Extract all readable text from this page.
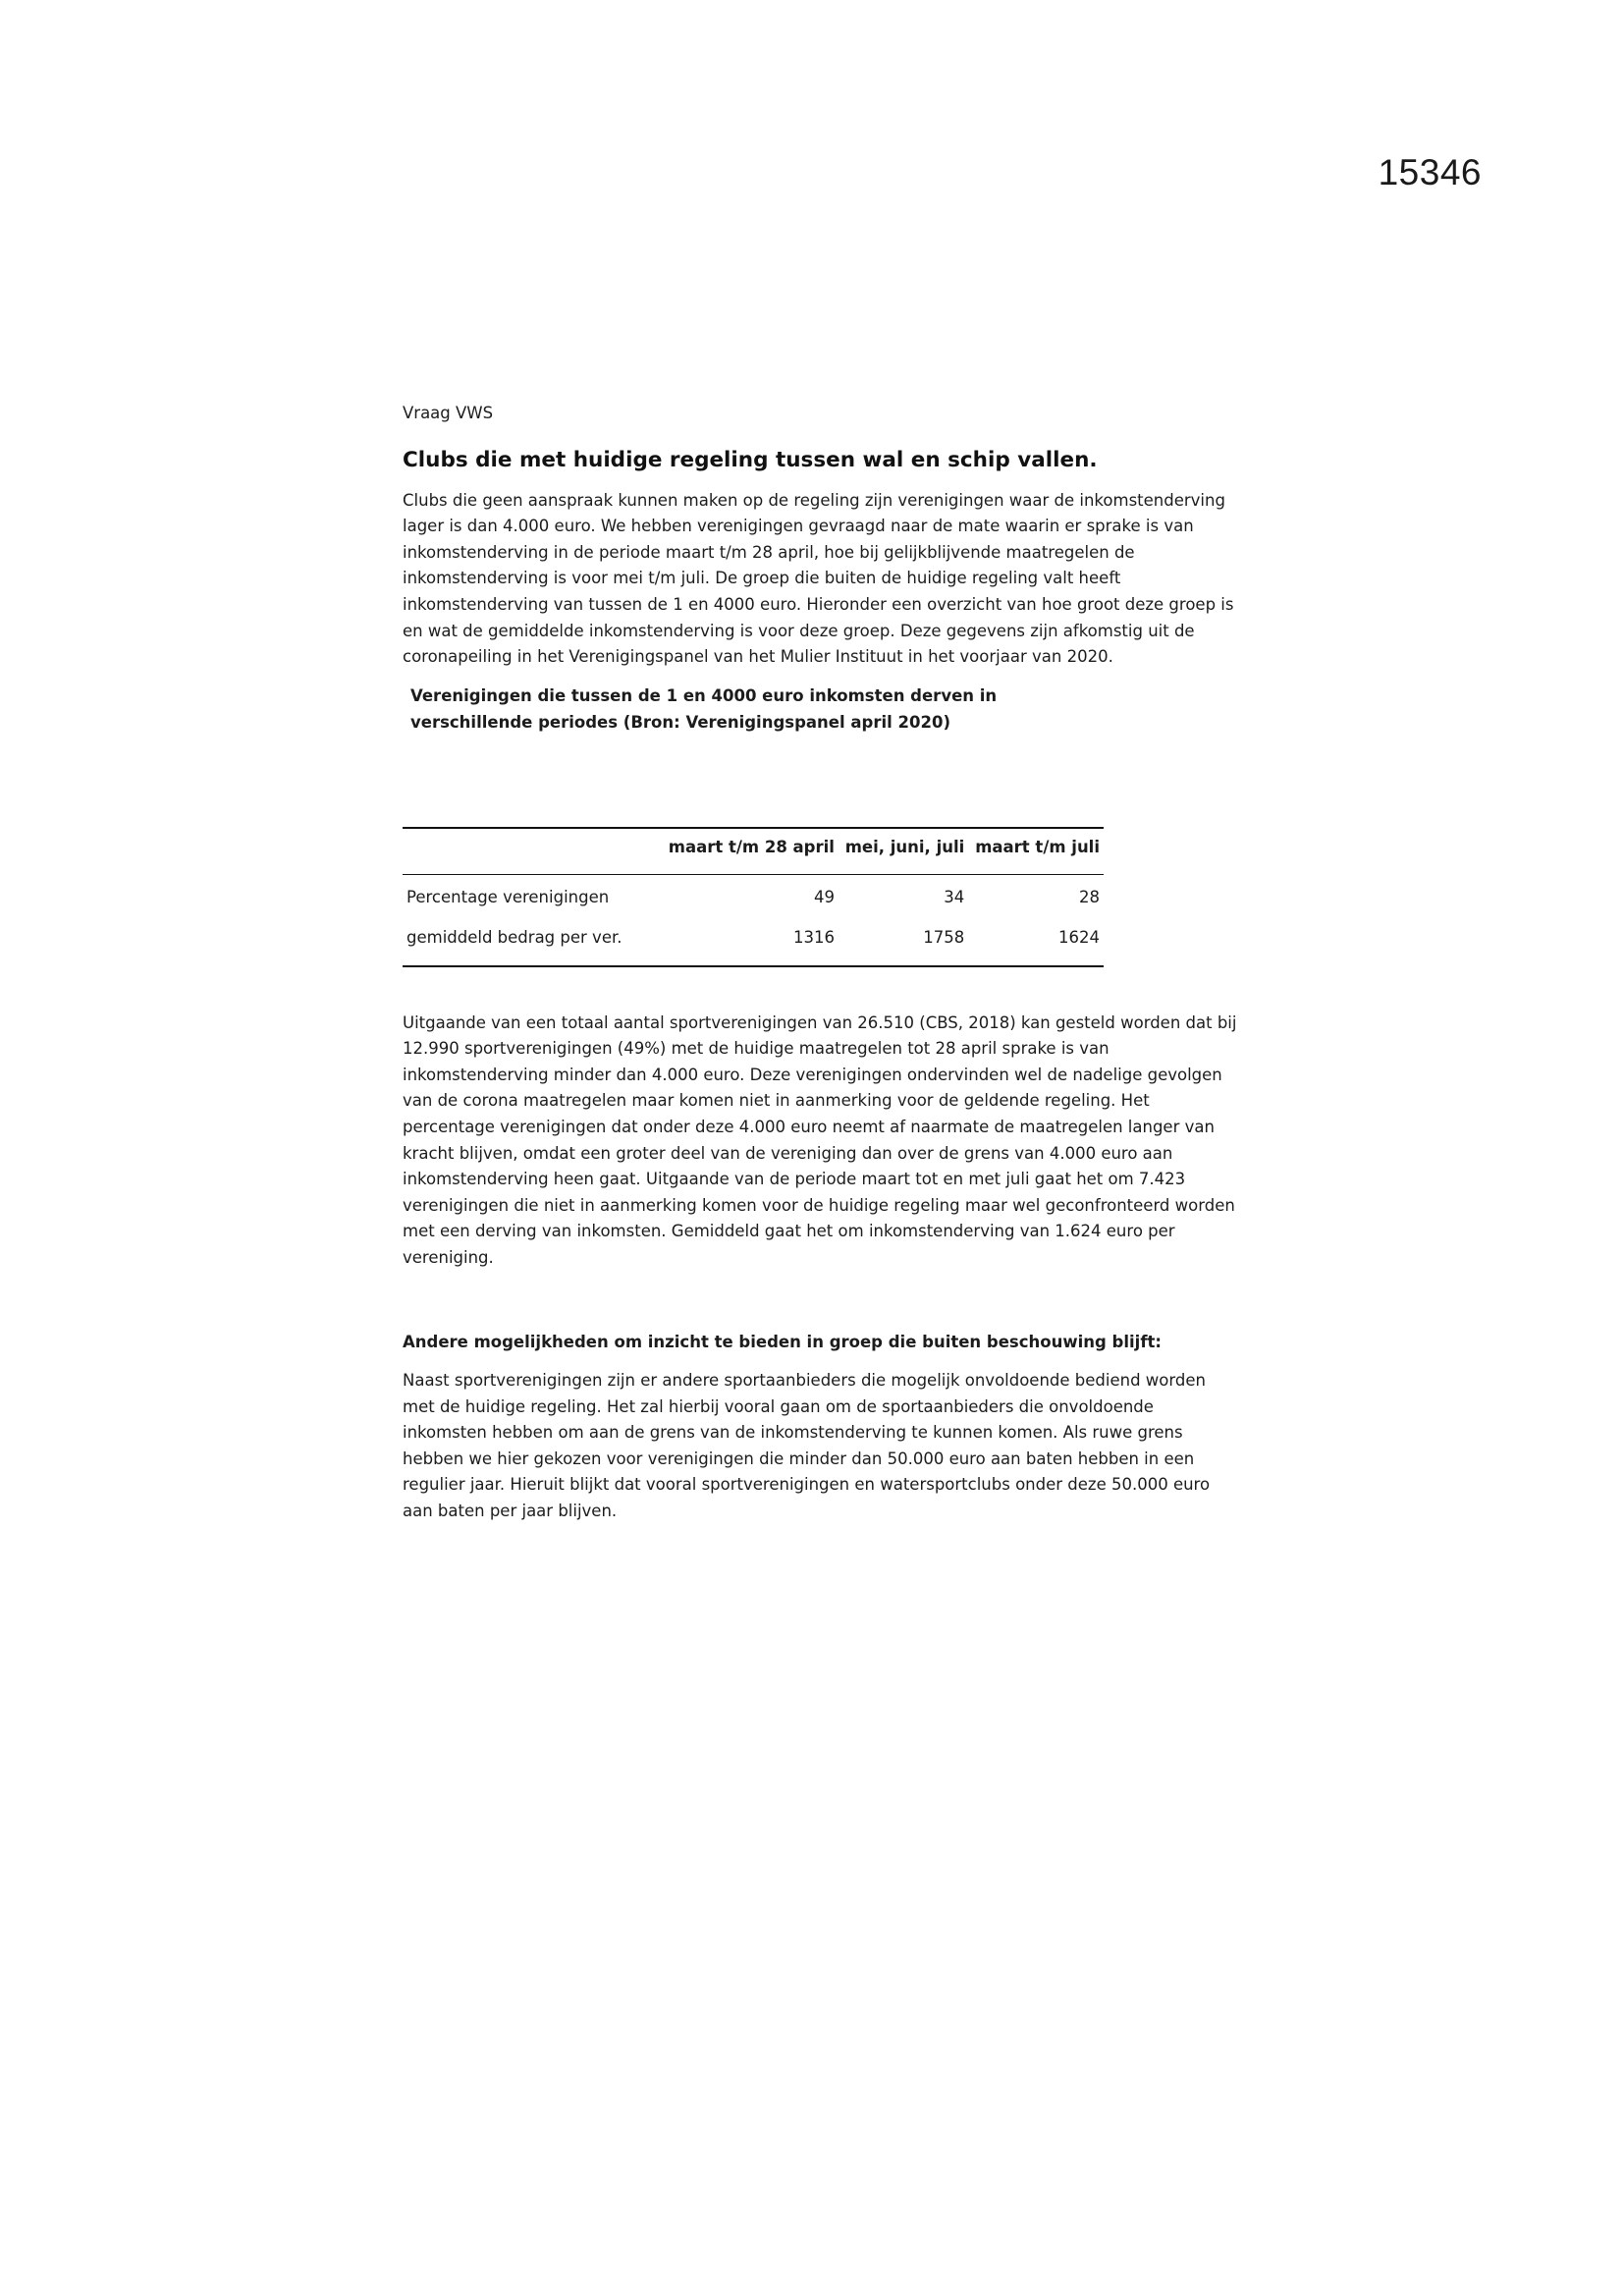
15346
Vraag VWS
Clubs die met huidige regeling tussen wal en schip vallen.

Clubs die geen aanspraak kunnen maken op de regeling zijn verenigingen waar de inkomstenderving lager is dan 4.000 euro. We hebben verenigingen gevraagd naar de mate waarin er sprake is van inkomstenderving in de periode maart t/m 28 april, hoe bij gelijkblijvende maatregelen de inkomstenderving is voor mei t/m juli. De groep die buiten de huidige regeling valt heeft inkomstenderving van tussen de 1 en 4000 euro. Hieronder een overzicht van hoe groot deze groep is en wat de gemiddelde inkomstenderving is voor deze groep. Deze gegevens zijn afkomstig uit de coronapeiling in het Verenigingspanel van het Mulier Instituut in het voorjaar van 2020.

Verenigingen die tussen de 1 en 4000 euro inkomsten derven in verschillende periodes (Bron: Verenigingspanel april 2020)
	maart t/m 28 april	mei, juni, juli	maart t/m juli
Percentage verenigingen	49	34	28
gemiddeld bedrag per ver.	1316	1758	1624

Uitgaande van een totaal aantal sportverenigingen van 26.510 (CBS, 2018) kan gesteld worden dat bij 12.990 sportverenigingen (49%) met de huidige maatregelen tot 28 april sprake is van inkomstenderving minder dan 4.000 euro. Deze verenigingen ondervinden wel de nadelige gevolgen van de corona maatregelen maar komen niet in aanmerking voor de geldende regeling. Het percentage verenigingen dat onder deze 4.000 euro neemt af naarmate de maatregelen langer van kracht blijven, omdat een groter deel van de vereniging dan over de grens van 4.000 euro aan inkomstenderving heen gaat. Uitgaande van de periode maart tot en met juli gaat het om 7.423 verenigingen die niet in aanmerking komen voor de huidige regeling maar wel geconfronteerd worden met een derving van inkomsten. Gemiddeld gaat het om inkomstenderving van 1.624 euro per vereniging.

Andere mogelijkheden om inzicht te bieden in groep die buiten beschouwing blijft:

Naast sportverenigingen zijn er andere sportaanbieders die mogelijk onvoldoende bediend worden met de huidige regeling. Het zal hierbij vooral gaan om de sportaanbieders die onvoldoende inkomsten hebben om aan de grens van de inkomstenderving te kunnen komen. Als ruwe grens hebben we hier gekozen voor verenigingen die minder dan 50.000 euro aan baten hebben in een regulier jaar. Hieruit blijkt dat vooral sportverenigingen en watersportclubs onder deze 50.000 euro aan baten per jaar blijven.
